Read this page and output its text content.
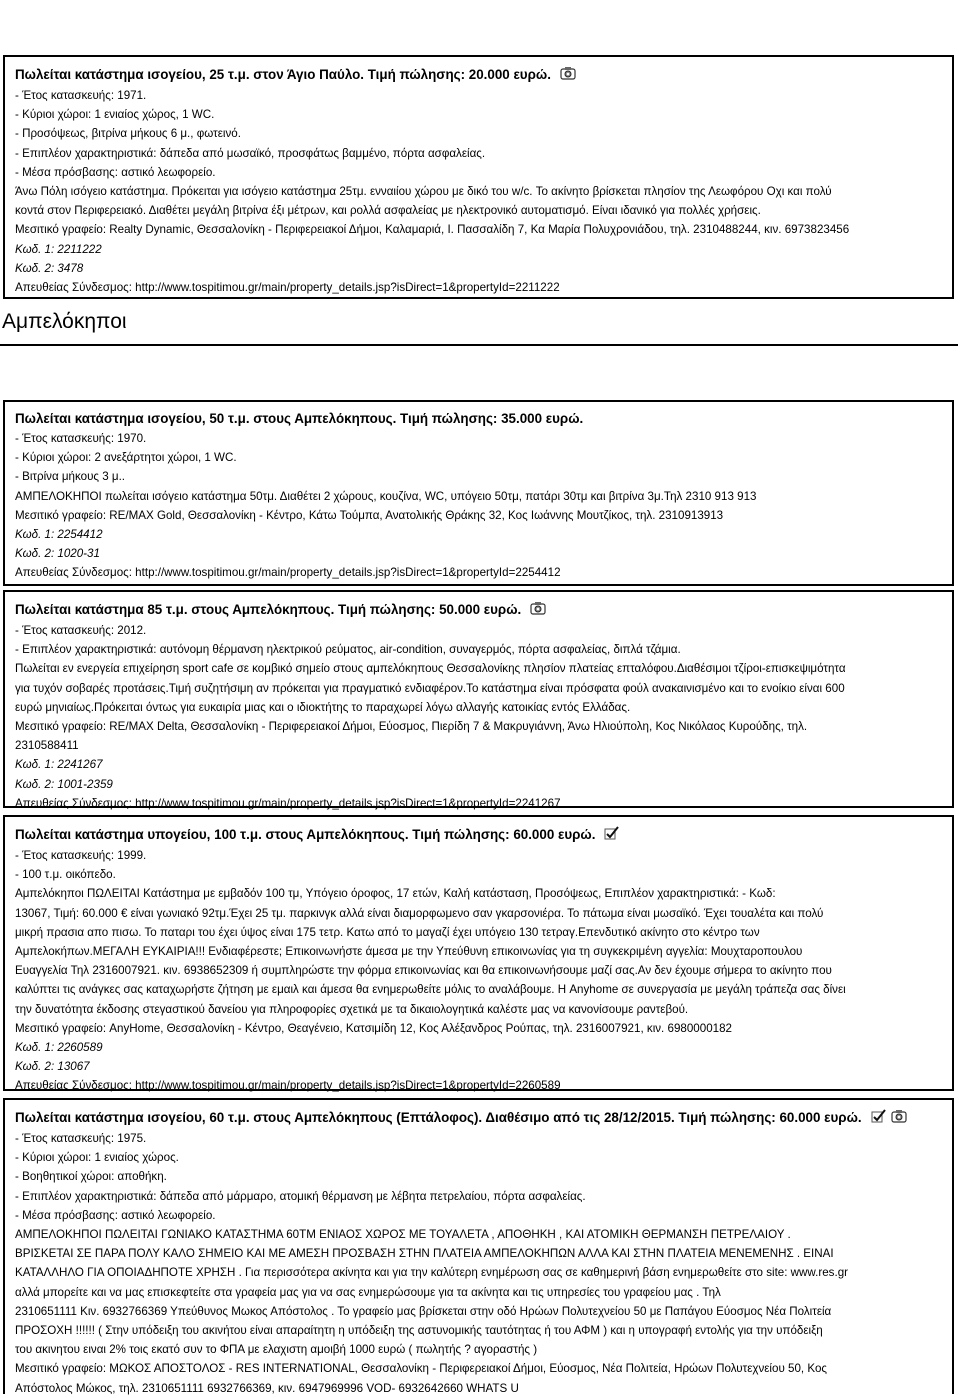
Πωλείται κατάστημα ισογείου, 25 τ.μ. στον Άγιο Παύλο. Τιμή πώλησης: 20.000 ευρώ.

- Έτος κατασκευής: 1971.

- Κύριοι χώροι: 1 ενιαίος χώρος, 1 WC.

- Προσόψεως, βιτρίνα μήκους 6 μ., φωτεινό.

- Επιπλέον χαρακτηριστικά: δάπεδα από μωσαϊκό, προσφάτως βαμμένο, πόρτα ασφαλείας.

- Μέσα πρόσβασης: αστικό λεωφορείο.

Άνω Πόλη ισόγειο κατάστημα. Πρόκειται για ισόγειο κατάστημα 25τμ. ενναιίου χώρου με δικό του w/c. Το ακίνητο βρίσκεται πλησίον της Λεωφόρου Οχι και πολύ

κοντά στον Περιφερειακό. Διαθέτει μεγάλη βιτρίνα έξι μέτρων, και ρολλά ασφαλείας με ηλεκτρονικό αυτοματισμό. Είναι ιδανικό για πολλές χρήσεις.

Μεσιτικό γραφείο: Realty Dynamic, Θεσσαλονίκη - Περιφερειακοί Δήμοι, Καλαμαριά, Ι. Πασσαλίδη 7, Κα Μαρία Πολυχρονιάδου, τηλ. 2310488244, κιν. 6973823456

Κωδ. 1: 2211222

Κωδ. 2: 3478

Απευθείας Σύνδεσμος: http://www.tospitimou.gr/main/property_details.jsp?isDirect=1&propertyId=2211222

Αμπελόκηποι
Πωλείται κατάστημα ισογείου, 50 τ.μ. στους Αμπελόκηπους. Τιμή πώλησης: 35.000 ευρώ.

- Έτος κατασκευής: 1970.

- Κύριοι χώροι: 2 ανεξάρτητοι χώροι, 1 WC.

- Βιτρίνα μήκους 3 μ..

ΑΜΠΕΛΟΚΗΠΟΙ πωλείται ισόγειο κατάστημα 50τμ. Διαθέτει 2 χώρους, κουζίνα, WC, υπόγειο 50τμ, πατάρι 30τμ και βιτρίνα 3μ.Τηλ 2310 913 913

Μεσιτικό γραφείο: RE/MAX Gold, Θεσσαλονίκη - Κέντρο, Κάτω Τούμπα, Ανατολικής Θράκης 32, Κος Ιωάννης Μουτζίκος, τηλ. 2310913913

Κωδ. 1: 2254412

Κωδ. 2: 1020-31

Απευθείας Σύνδεσμος: http://www.tospitimou.gr/main/property_details.jsp?isDirect=1&propertyId=2254412

Πωλείται κατάστημα 85 τ.μ. στους Αμπελόκηπους. Τιμή πώλησης: 50.000 ευρώ.

- Έτος κατασκευής: 2012.

- Επιπλέον χαρακτηριστικά: αυτόνομη θέρμανση ηλεκτρικού ρεύματος, air-condition, συναγερμός, πόρτα ασφαλείας, διπλά τζάμια.

Πωλείται εν ενεργεία επιχείρηση sport cafe σε κομβικό σημείο στους αμπελόκηπους Θεσσαλονίκης πλησίον πλατείας επταλόφου.Διαθέσιμοι τζίροι-επισκεψιμότητα

για τυχόν σοβαρές προτάσεις.Τιμή συζητήσιμη αν πρόκειται για πραγματικό ενδιαφέρον.Το κατάστημα είναι πρόσφατα φούλ ανακαινισμένο και το ενοίκιο είναι 600

ευρώ μηνιαίως.Πρόκειται όντως για ευκαιρία μιας και ο ιδιοκτήτης το παραχωρεί λόγω αλλαγής κατοικίας εντός Ελλάδας.

Μεσιτικό γραφείο: RE/MAX Delta, Θεσσαλονίκη - Περιφερειακοί Δήμοι, Εύοσμος, Πιερίδη 7 & Μακρυγιάννη, Άνω Ηλιούπολη, Κος Νικόλαος Κυρούδης, τηλ.

2310588411

Κωδ. 1: 2241267

Κωδ. 2: 1001-2359

Απευθείας Σύνδεσμος: http://www.tospitimou.gr/main/property_details.jsp?isDirect=1&propertyId=2241267

Πωλείται κατάστημα υπογείου, 100 τ.μ. στους Αμπελόκηπους. Τιμή πώλησης: 60.000 ευρώ.

- Έτος κατασκευής: 1999.

- 100 τ.μ. οικόπεδο.

Αμπελόκηποι ΠΩΛΕΙΤΑΙ Κατάστημα με εμβαδόν 100 τμ, Υπόγειο όροφος, 17 ετών, Καλή κατάσταση, Προσόψεως, Επιπλέον χαρακτηριστικά: - Κωδ:

13067, Τιμή: 60.000 € είναι γωνιακό 92τμ.Έχει 25 τμ. παρκινγκ αλλά είναι διαμορφωμενο σαν γκαρσονιέρα. Το πάτωμα είναι μωσαϊκό. Έχει τουαλέτα και πολύ

μικρή πρασια απο πισω. Το παταρι του έχει ύψος είναι 175 τετρ. Κατω από το μαγαζί έχει υπόγειο 130 τετραγ.Επενδυτικό ακίνητο στο κέντρο των

Αμπελοκήπων.ΜΕΓΑΛΗ ΕΥΚΑΙΡΙΑ!!! Ενδιαφέρεστε; Επικοινωνήστε άμεσα με την Υπεύθυνη επικοινωνίας για τη συγκεκριμένη αγγελία: Μουχταροπουλου

Ευαγγελία Τηλ 2316007921. κιν. 6938652309 ή συμπληρώστε την φόρμα επικοινωνίας και θα επικοινωνήσουμε μαζί σας.Αν δεν έχουμε σήμερα το ακίνητο που

καλύπτει τις ανάγκες σας καταχωρήστε ζήτηση με εμαιλ και άμεσα θα ενημερωθείτε μόλις το αναλάβουμε. Η Anyhome σε συνεργασία με μεγάλη τράπεζα σας δίνει

την δυνατότητα έκδοσης στεγαστικού δανείου για πληροφορίες σχετικά με τα δικαιολογητικά καλέστε μας να κανονίσουμε ραντεβού.

Μεσιτικό γραφείο: AnyHome, Θεσσαλονίκη - Κέντρο, Θεαγένειο, Κατσιμίδη 12, Κος Αλέξανδρος Ρούπας, τηλ. 2316007921, κιν. 6980000182

Κωδ. 1: 2260589

Κωδ. 2: 13067

Απευθείας Σύνδεσμος: http://www.tospitimou.gr/main/property_details.jsp?isDirect=1&propertyId=2260589

Πωλείται κατάστημα ισογείου, 60 τ.μ. στους Αμπελόκηπους (Επτάλοφος). Διαθέσιμο από τις 28/12/2015. Τιμή πώλησης: 60.000 ευρώ.

- Έτος κατασκευής: 1975.

- Κύριοι χώροι: 1 ενιαίος χώρος.

- Βοηθητικοί χώροι: αποθήκη.

- Επιπλέον χαρακτηριστικά: δάπεδα από μάρμαρο, ατομική θέρμανση με λέβητα πετρελαίου, πόρτα ασφαλείας.

- Μέσα πρόσβασης: αστικό λεωφορείο.

ΑΜΠΕΛΟΚΗΠΟΙ ΠΩΛΕΙΤΑΙ ΓΩΝΙΑΚΟ ΚΑΤΑΣΤΗΜΑ 60ΤΜ ΕΝΙΑΟΣ ΧΩΡΟΣ ΜΕ ΤΟΥΑΛΕΤΑ , ΑΠΟΘΗΚΗ , ΚΑΙ ΑΤΟΜΙΚΗ ΘΕΡΜΑΝΣΗ ΠΕΤΡΕΛΑΙΟΥ .

ΒΡΙΣΚΕΤΑΙ ΣΕ ΠΑΡΑ ΠΟΛΥ ΚΑΛΟ ΣΗΜΕΙΟ ΚΑΙ ΜΕ ΑΜΕΣΗ ΠΡΟΣΒΑΣΗ ΣΤΗΝ ΠΛΑΤΕΙΑ ΑΜΠΕΛΟΚΗΠΩΝ ΑΛΛΑ ΚΑΙ ΣΤΗΝ ΠΛΑΤΕΙΑ ΜΕΝΕΜΕΝΗΣ . ΕΙΝΑΙ

ΚΑΤΑΛΛΗΛΟ ΓΙΑ ΟΠΟΙΑΔΗΠΟΤΕ ΧΡΗΣΗ . Για περισσότερα ακίνητα και για την καλύτερη ενημέρωση σας σε καθημερινή βάση ενημερωθείτε στο site: www.res.gr

αλλά μπορείτε και να μας επισκεφτείτε στα γραφεία μας για να σας ενημερώσουμε για τα ακίνητα και τις υπηρεσίες του γραφείου μας . Τηλ

2310651111 Κιν. 6932766369 Υπεύθυνος Μωκος Απόστολος . Το γραφείο μας βρίσκεται στην οδό Ηρώων Πολυτεχνείου 50 με Παπάγου Εύοσμος Νέα Πολιτεία

ΠΡΟΣΟΧΗ !!!!!! ( Στην υπόδειξη του ακινήτου είναι απαραίτητη η υπόδειξη της αστυνομικής ταυτότητας ή του ΑΦΜ ) και η υπογραφή εντολής για την υπόδειξη

του ακινητου ειναι 2% τοις εκατό συν το ΦΠΑ με ελαχιστη αμοιβή 1000 ευρώ ( πωλητής ? αγοραστής )

Μεσιτικό γραφείο: ΜΩΚΟΣ ΑΠΟΣΤΟΛΟΣ - RES INTERNATIONAL, Θεσσαλονίκη - Περιφερειακοί Δήμοι, Εύοσμος, Νέα Πολιτεία, Ηρώων Πολυτεχνείου 50, Κος

Απόστολος Μώκος, τηλ. 2310651111 6932766369, κιν. 6947969996 VOD- 6932642660 WHATS U
